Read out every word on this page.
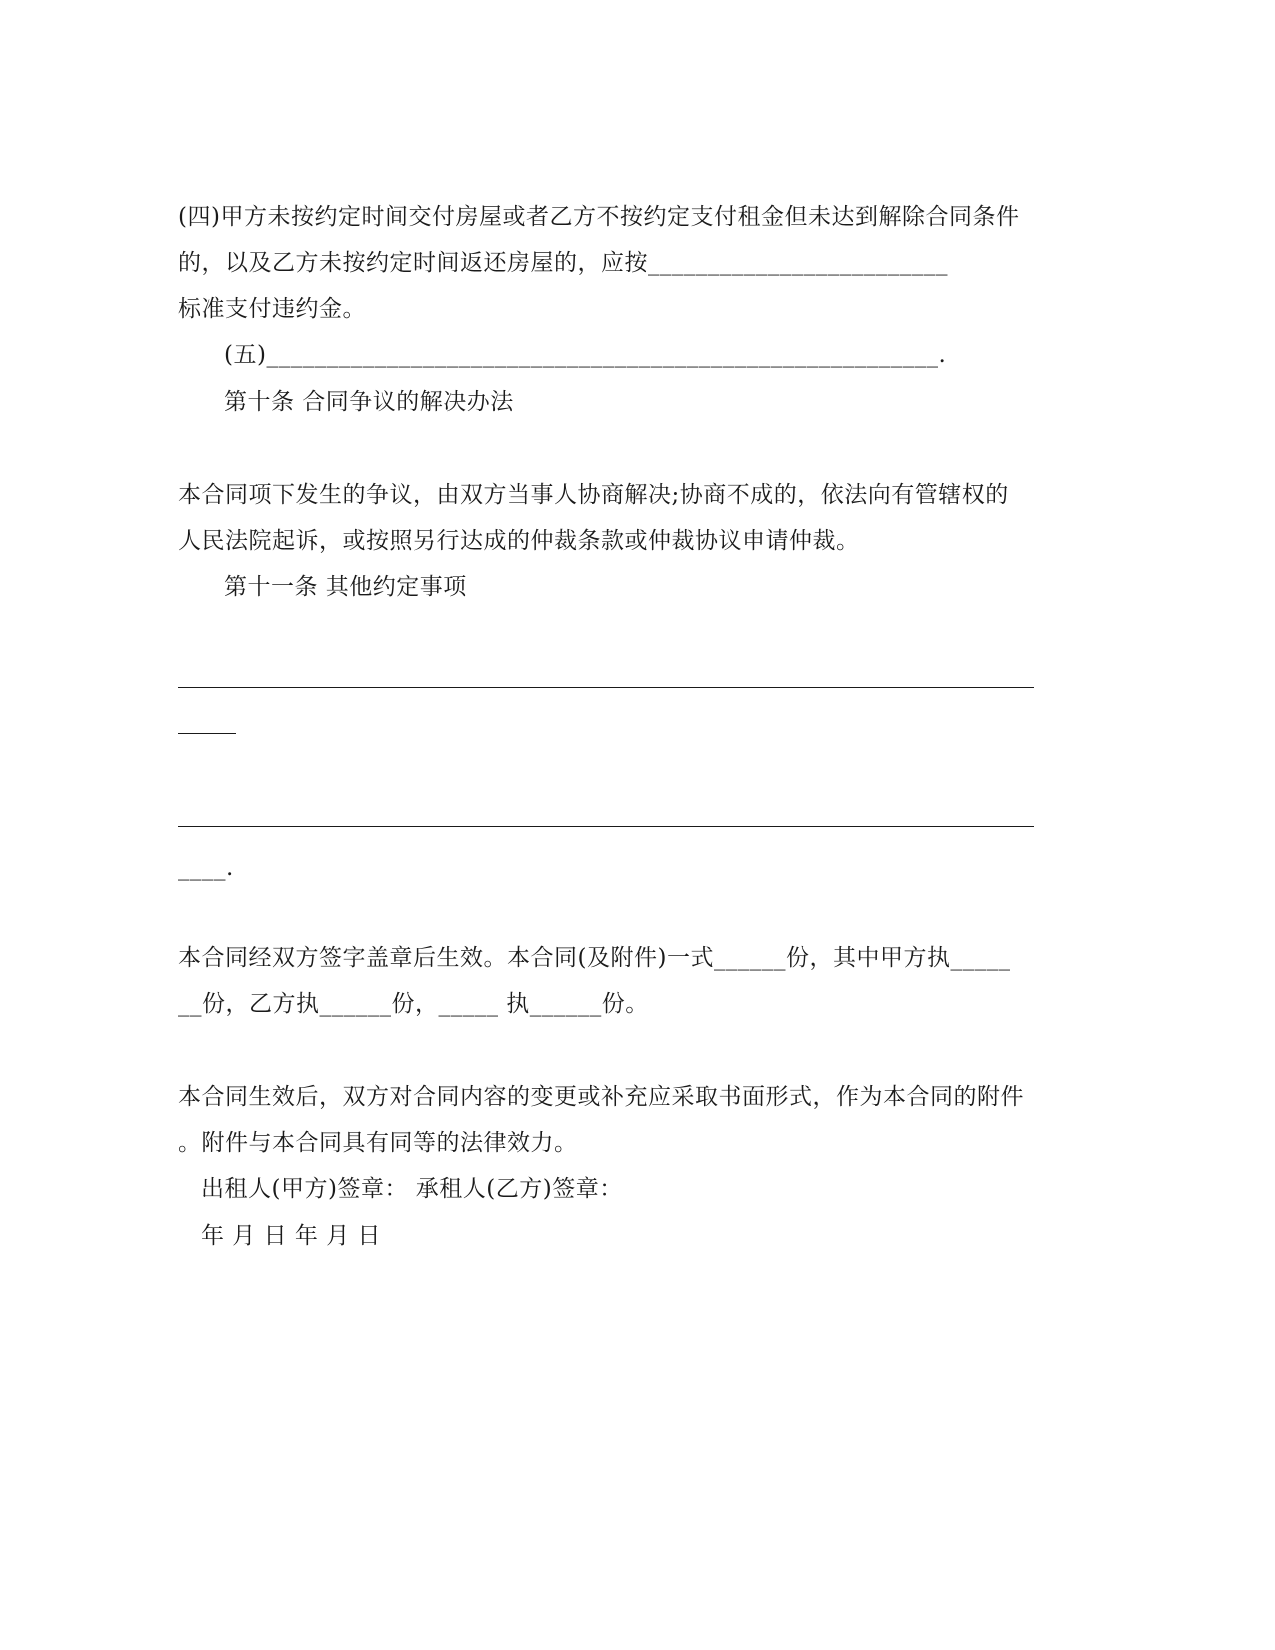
(四)甲方未按约定时间交付房屋或者乙方不按约定支付租金但未达到解除合同条件
的，以及乙方未按约定时间返还房屋的，应按_________________________
标准支付违约金。
(五)________________________________________________________.
第十条 合同争议的解决办法
本合同项下发生的争议，由双方当事人协商解决;协商不成的，依法向有管辖权的
人民法院起诉，或按照另行达成的仲裁条款或仲裁协议申请仲裁。
第十一条 其他约定事项
____.
本合同经双方签字盖章后生效。本合同(及附件)一式______份，其中甲方执_____
__份，乙方执______份，_____ 执______份。
本合同生效后，双方对合同内容的变更或补充应采取书面形式，作为本合同的附件
。附件与本合同具有同等的法律效力。
出租人(甲方)签章： 承租人(乙方)签章：
年 月 日 年 月 日
